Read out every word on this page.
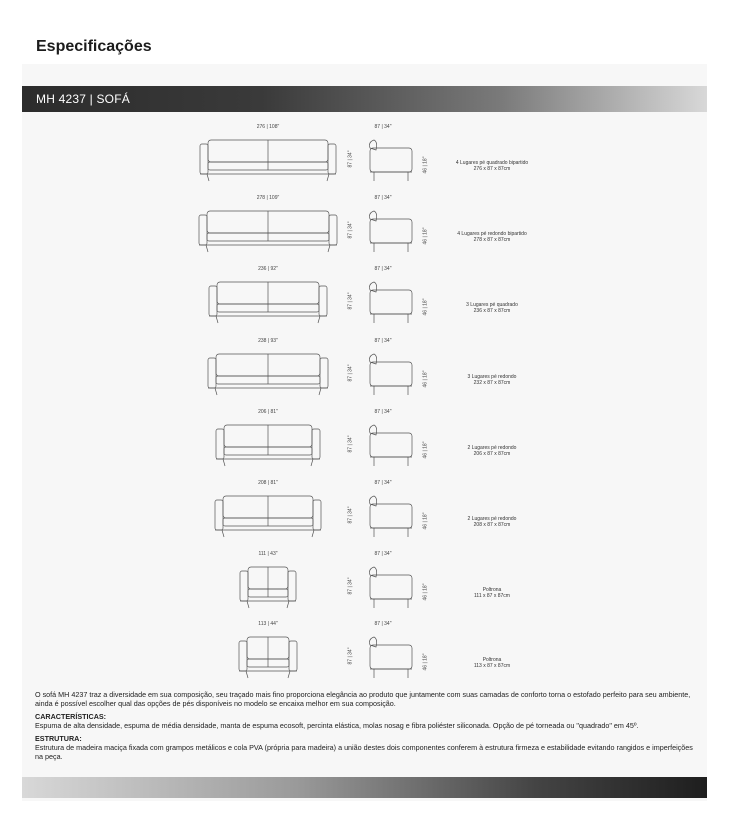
Especificações
MH 4237 | SOFÁ
276 | 108"
87 | 34"
87 | 34"
46 | 18"	4 Lugares pé quadrado bipartido
276 x 87 x 87cm
278 | 109"
87 | 34"
87 | 34"
46 | 18"	4 Lugares pé redondo bipartido
278 x 87 x 87cm
236 | 92"
87 | 34"
87 | 34"
46 | 18"	3 Lugares pé quadrado
236 x 87 x 87cm
238 | 93"
87 | 34"
87 | 34"
46 | 18"	3 Lugares pé redondo
232 x 87 x 87cm
206 | 81"
87 | 34"
87 | 34"
46 | 18"	2 Lugares pé redondo
206 x 87 x 87cm
208 | 81"
87 | 34"
87 | 34"
46 | 18"	2 Lugares pé redondo
208 x 87 x 87cm
111 | 43"
87 | 34"
87 | 34"
46 | 18"	Poltrona
111 x 87 x 87cm
113 | 44"
87 | 34"
87 | 34"
46 | 18"	Poltrona
113 x 87 x 87cm

O sofá MH 4237 traz a diversidade em sua composição, seu traçado mais fino proporciona elegância ao produto que juntamente com suas camadas de conforto torna o estofado perfeito para seu ambiente, ainda é possível escolher qual das opções de pés disponíveis no modelo se encaixa melhor em sua composição.

CARACTERÍSTICAS:

Espuma de alta densidade, espuma de média densidade, manta de espuma ecosoft, percinta elástica, molas nosag e fibra poliéster siliconada. Opção de pé torneada ou "quadrado" em 45º.

ESTRUTURA:

Estrutura de madeira maciça fixada com grampos metálicos e cola PVA (própria para madeira) a união destes dois componentes conferem à estrutura firmeza e estabilidade evitando rangidos e imperfeições na peça.
